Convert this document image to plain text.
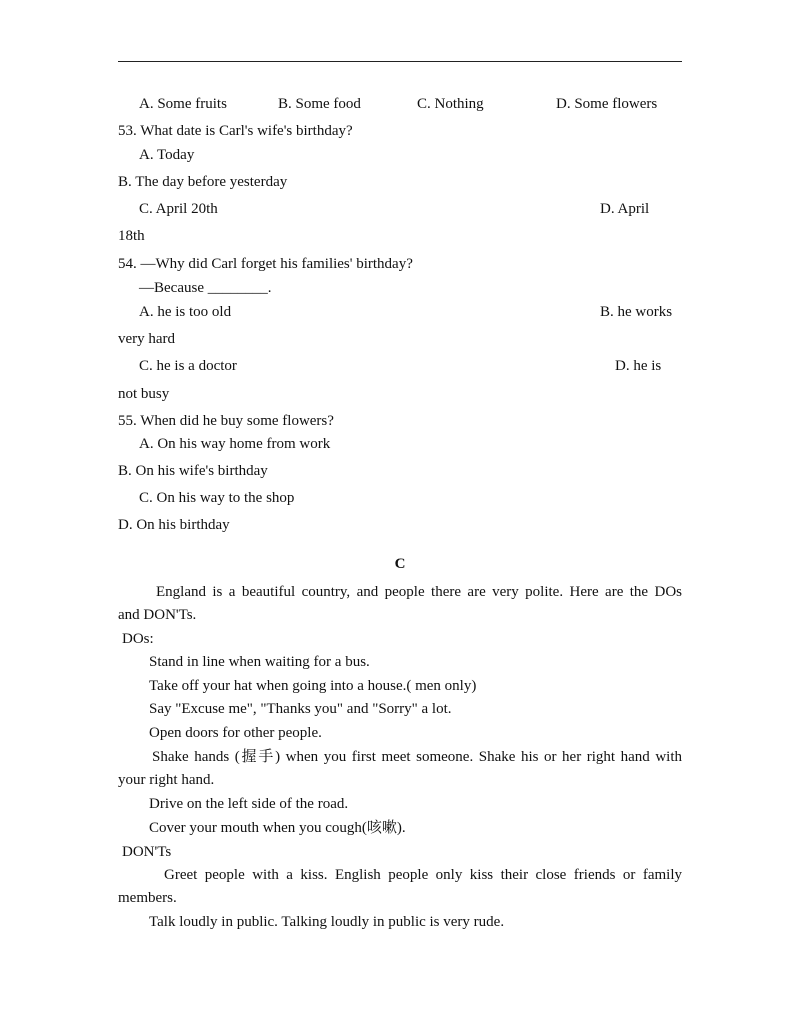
A. Some fruits	B. Some food	C. Nothing	D. Some flowers
53. What date is Carl's wife's birthday?
A. Today
B. The day before yesterday
C. April 20th	D. April
18th
54. —Why did Carl forget his families' birthday?
—Because ________.
A. he is too old	B. he works
very hard
C. he is a doctor	D. he is
not busy
55. When did he buy some flowers?
A. On his way home from work
B. On his wife's birthday
C. On his way to the shop
D. On his birthday
C
England is a beautiful country, and people there are very polite. Here are the DOs
and DON'Ts.
DOs:
Stand in line when waiting for a bus.
Take off your hat when going into a house.( men only)
Say "Excuse me", "Thanks you" and "Sorry" a lot.
Open doors for other people.
Shake hands (握手) when you first meet someone. Shake his or her right hand with
your right hand.
Drive on the left side of the road.
Cover your mouth when you cough(咳嗽).
DON'Ts
Greet people with a kiss. English people only kiss their close friends or family
members.
Talk loudly in public. Talking loudly in public is very rude.
